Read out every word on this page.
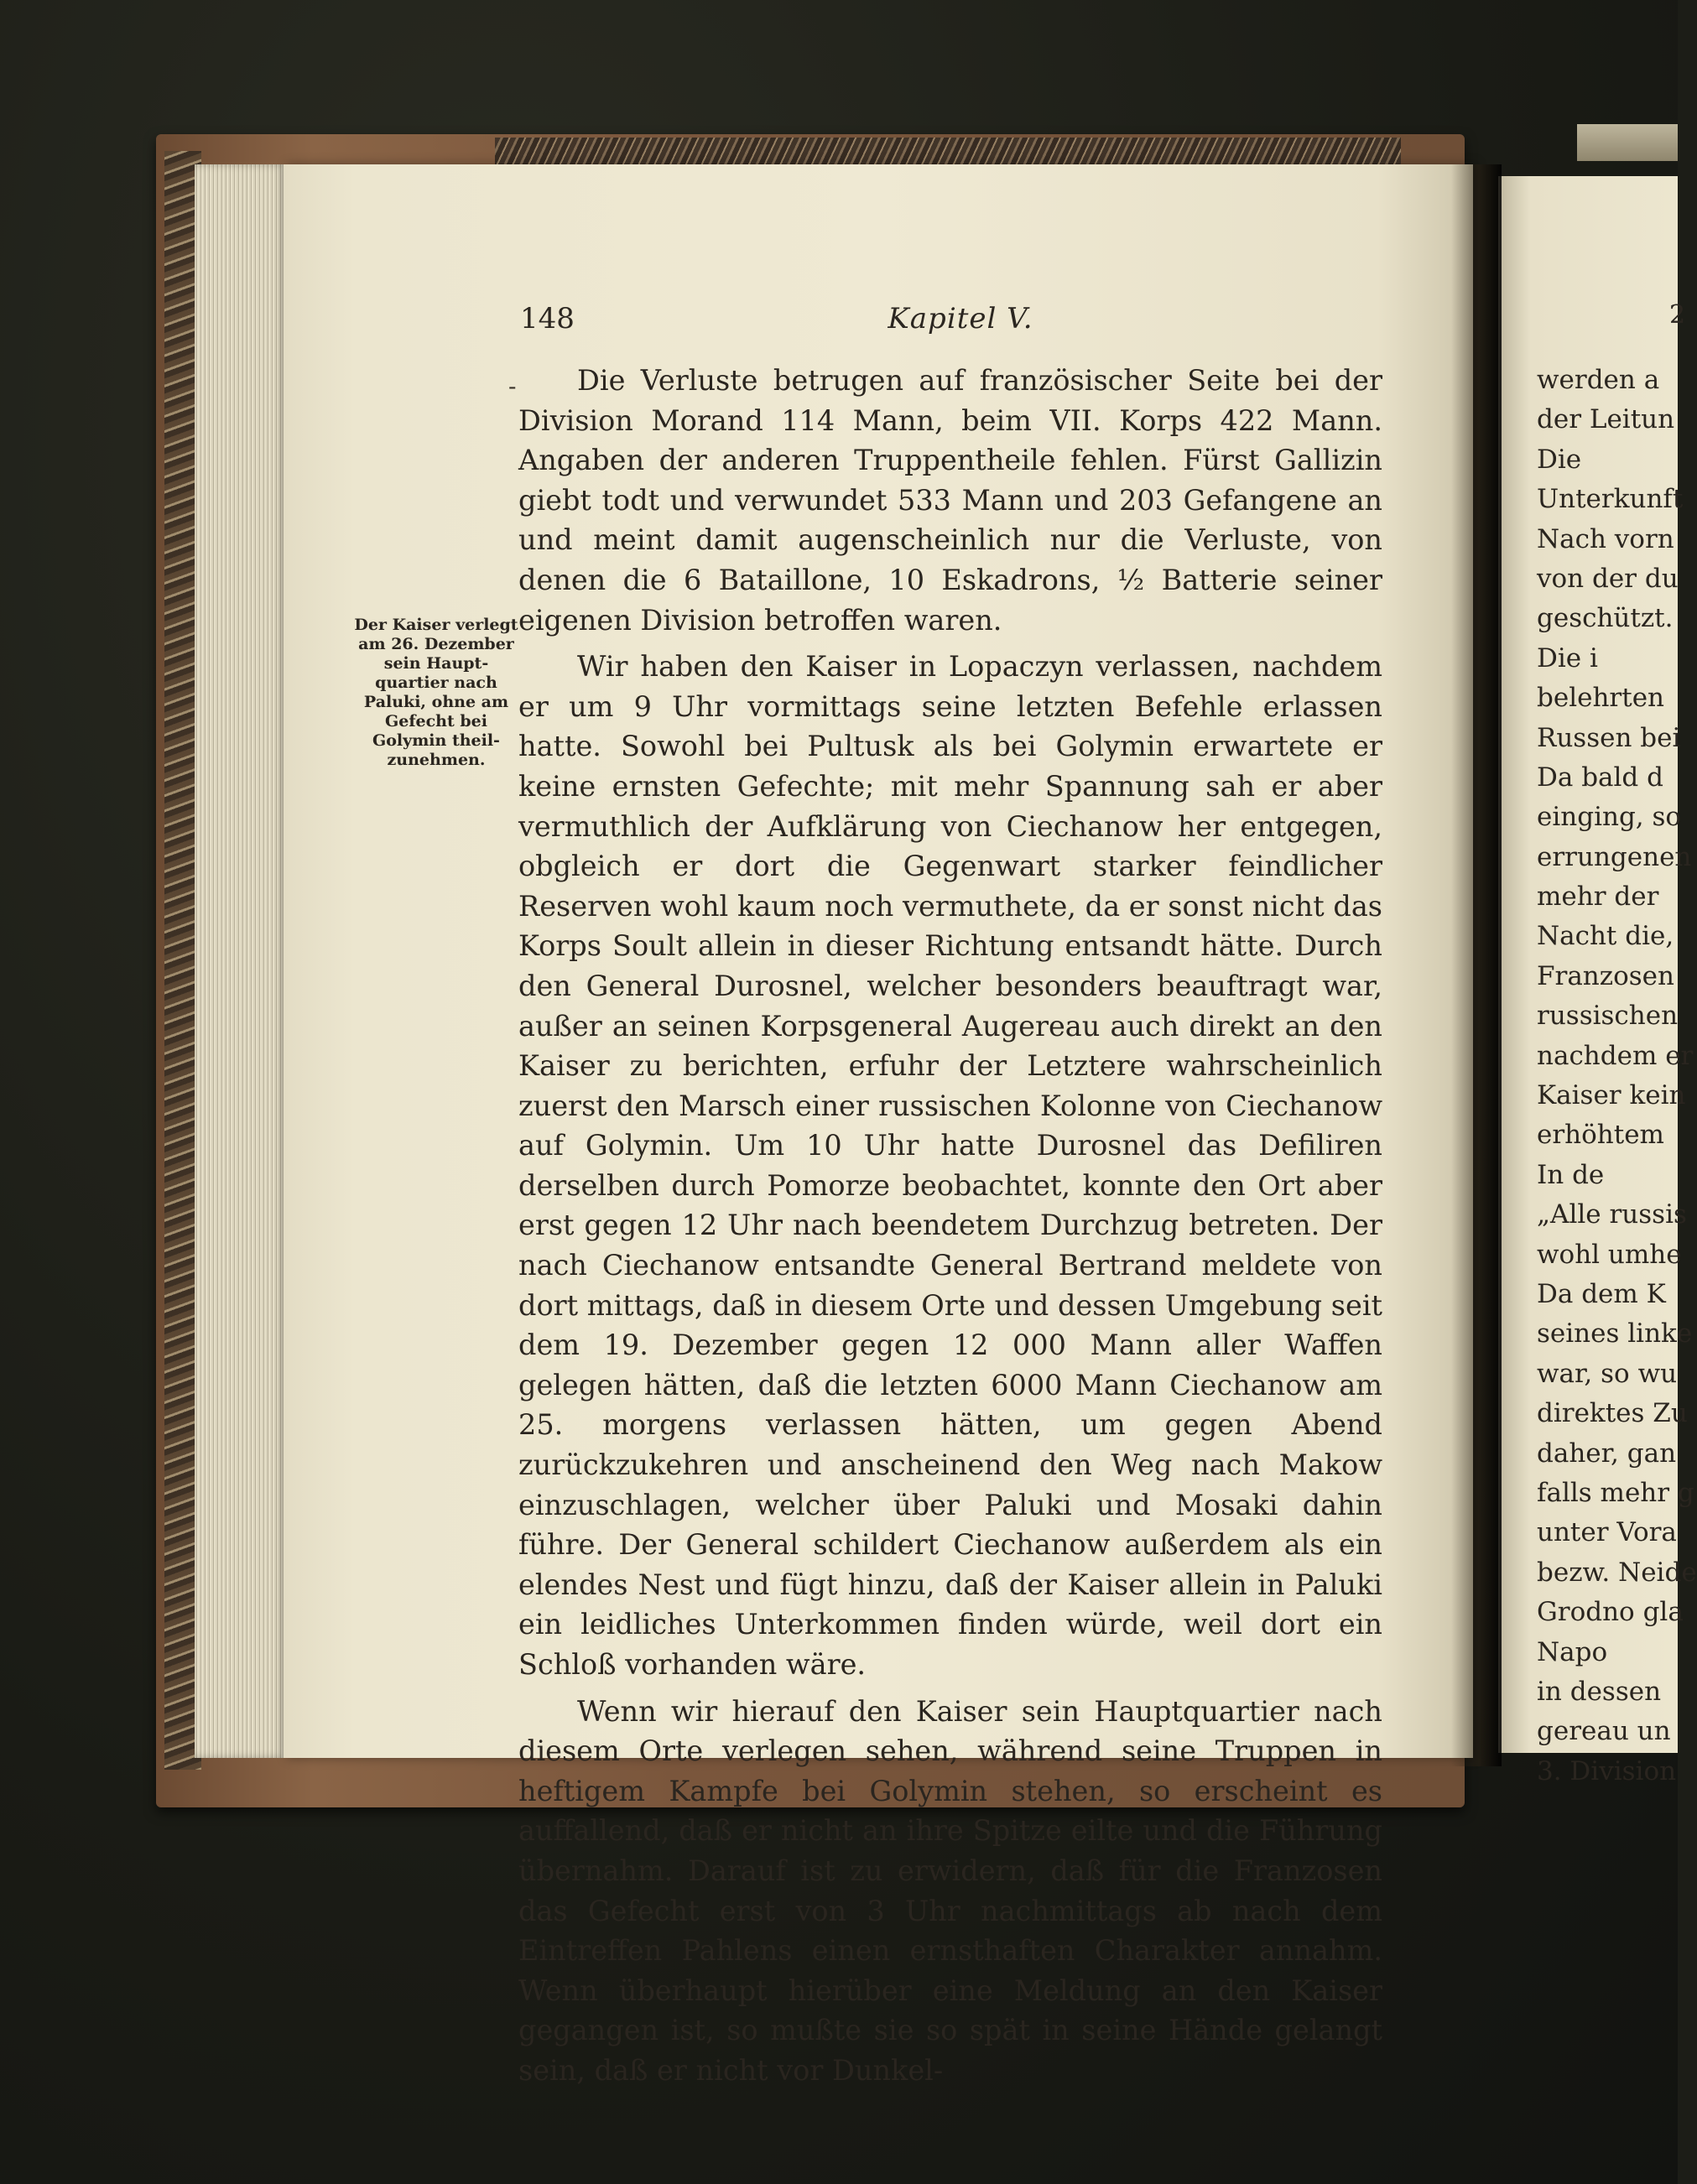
148	Kapitel V.
-
Der Kaiser verlegt am 26. Dezember sein Haupt-quartier nach Paluki, ohne am Gefecht bei Golymin theil-zunehmen.

Die Verluste betrugen auf französischer Seite bei der Division Morand 114 Mann, beim VII. Korps 422 Mann. Angaben der anderen Truppentheile fehlen. Fürst Gallizin giebt todt und verwundet 533 Mann und 203 Gefangene an und meint damit augenscheinlich nur die Verluste, von denen die 6 Bataillone, 10 Eskadrons, ½ Batterie seiner eigenen Division betroffen waren.

Wir haben den Kaiser in Lopaczyn verlassen, nachdem er um 9 Uhr vormittags seine letzten Befehle erlassen hatte. Sowohl bei Pultusk als bei Golymin erwartete er keine ernsten Gefechte; mit mehr Spannung sah er aber vermuthlich der Aufklärung von Ciechanow her entgegen, obgleich er dort die Gegenwart starker feindlicher Reserven wohl kaum noch vermuthete, da er sonst nicht das Korps Soult allein in dieser Richtung entsandt hätte. Durch den General Durosnel, welcher besonders beauftragt war, außer an seinen Korpsgeneral Augereau auch direkt an den Kaiser zu berichten, erfuhr der Letztere wahrscheinlich zuerst den Marsch einer russischen Kolonne von Ciechanow auf Golymin. Um 10 Uhr hatte Durosnel das Defiliren derselben durch Pomorze beobachtet, konnte den Ort aber erst gegen 12 Uhr nach beendetem Durchzug betreten. Der nach Ciechanow entsandte General Bertrand meldete von dort mittags, daß in diesem Orte und dessen Umgebung seit dem 19. Dezember gegen 12 000 Mann aller Waffen gelegen hätten, daß die letzten 6000 Mann Ciechanow am 25. morgens verlassen hätten, um gegen Abend zurückzukehren und anscheinend den Weg nach Makow einzuschlagen, welcher über Paluki und Mosaki dahin führe. Der General schildert Ciechanow außerdem als ein elendes Nest und fügt hinzu, daß der Kaiser allein in Paluki ein leidliches Unterkommen finden würde, weil dort ein Schloß vorhanden wäre.

Wenn wir hierauf den Kaiser sein Hauptquartier nach diesem Orte verlegen sehen, während seine Truppen in heftigem Kampfe bei Golymin stehen, so erscheint es auffallend, daß er nicht an ihre Spitze eilte und die Führung übernahm. Darauf ist zu erwidern, daß für die Franzosen das Gefecht erst von 3 Uhr nachmittags ab nach dem Eintreffen Pahlens einen ernsthaften Charakter annahm. Wenn überhaupt hierüber eine Meldung an den Kaiser gegangen ist, so mußte sie so spät in seine Hände gelangt sein, daß er nicht vor Dunkel-

2
werden a
der Leitun
Die
Unterkunft
Nach vorn
von der du
geschützt.
Die i
belehrten
Russen bei
Da bald d
einging, so
errungenen
mehr der
Nacht die,
Franzosen
russischen
nachdem er
Kaiser kein
erhöhtem
In de
„Alle russis
wohl umhe
Da dem K
seines linke
war, so wu
direktes Zu
daher, gan
falls mehr g
unter Vora
bezw. Neide
Grodno gla
Napo
in dessen
gereau un
3. Division
